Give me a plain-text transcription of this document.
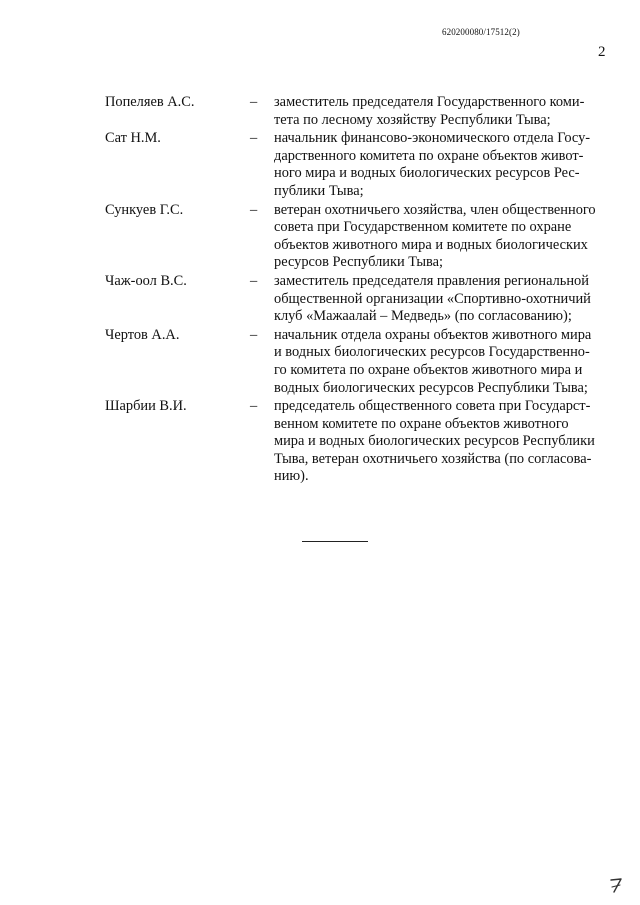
620200080/17512(2)
2
Попеляев А.С.	–	заместитель председателя Государственного коми-
тета по лесному хозяйству Республики Тыва;
Сат Н.М.	–	начальник финансово-экономического отдела Госу-
дарственного комитета по охране объектов живот-
ного мира и водных биологических ресурсов Рес-
публики Тыва;
Сункуев Г.С.	–	ветеран охотничьего хозяйства, член общественного
совета при Государственном комитете по охране
объектов животного мира и водных биологических
ресурсов Республики Тыва;
Чаж-оол В.С.	–	заместитель председателя правления региональной
общественной организации «Спортивно-охотничий
клуб «Мажаалай – Медведь» (по согласованию);
Чертов А.А.	–	начальник отдела охраны объектов животного мира
и водных биологических ресурсов Государственно-
го комитета по охране объектов животного мира и
водных биологических ресурсов Республики Тыва;
Шарбии В.И.	–	председатель общественного совета при Государст-
венном комитете по охране объектов животного
мира и водных биологических ресурсов Республики
Тыва, ветеран охотничьего хозяйства (по согласова-
нию).
